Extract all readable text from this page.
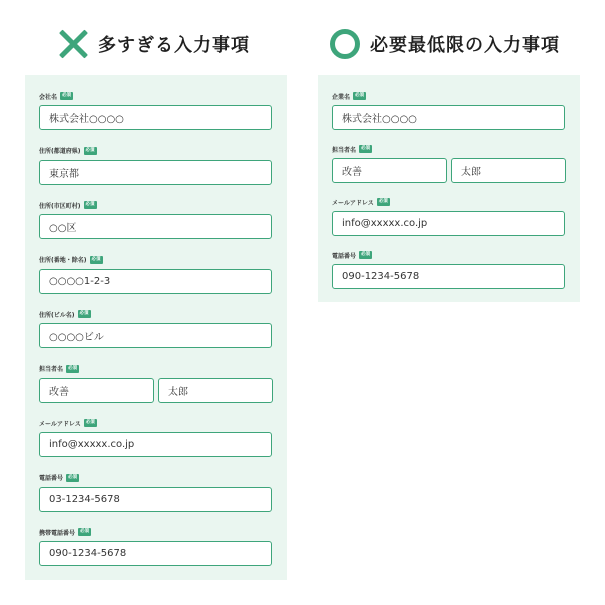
多すぎる入力事項	必要最低限の入力事項
会社名	必須
株式会社○○○○
住所(都道府県)	必須
東京都
住所(市区町村)	必須
○○区
住所(番地・除名)	必須
○○○○1-2-3
住所(ビル名)	必須
○○○○ビル
担当者名	必須
改善	太郎
メールアドレス	必須
info@xxxxx.co.jp
電話番号	必須
03-1234-5678
携帯電話番号	必須
090-1234-5678
企業名	必須
株式会社○○○○
担当者名	必須
改善	太郎
メールアドレス	必須
info@xxxxx.co.jp
電話番号	必須
090-1234-5678
